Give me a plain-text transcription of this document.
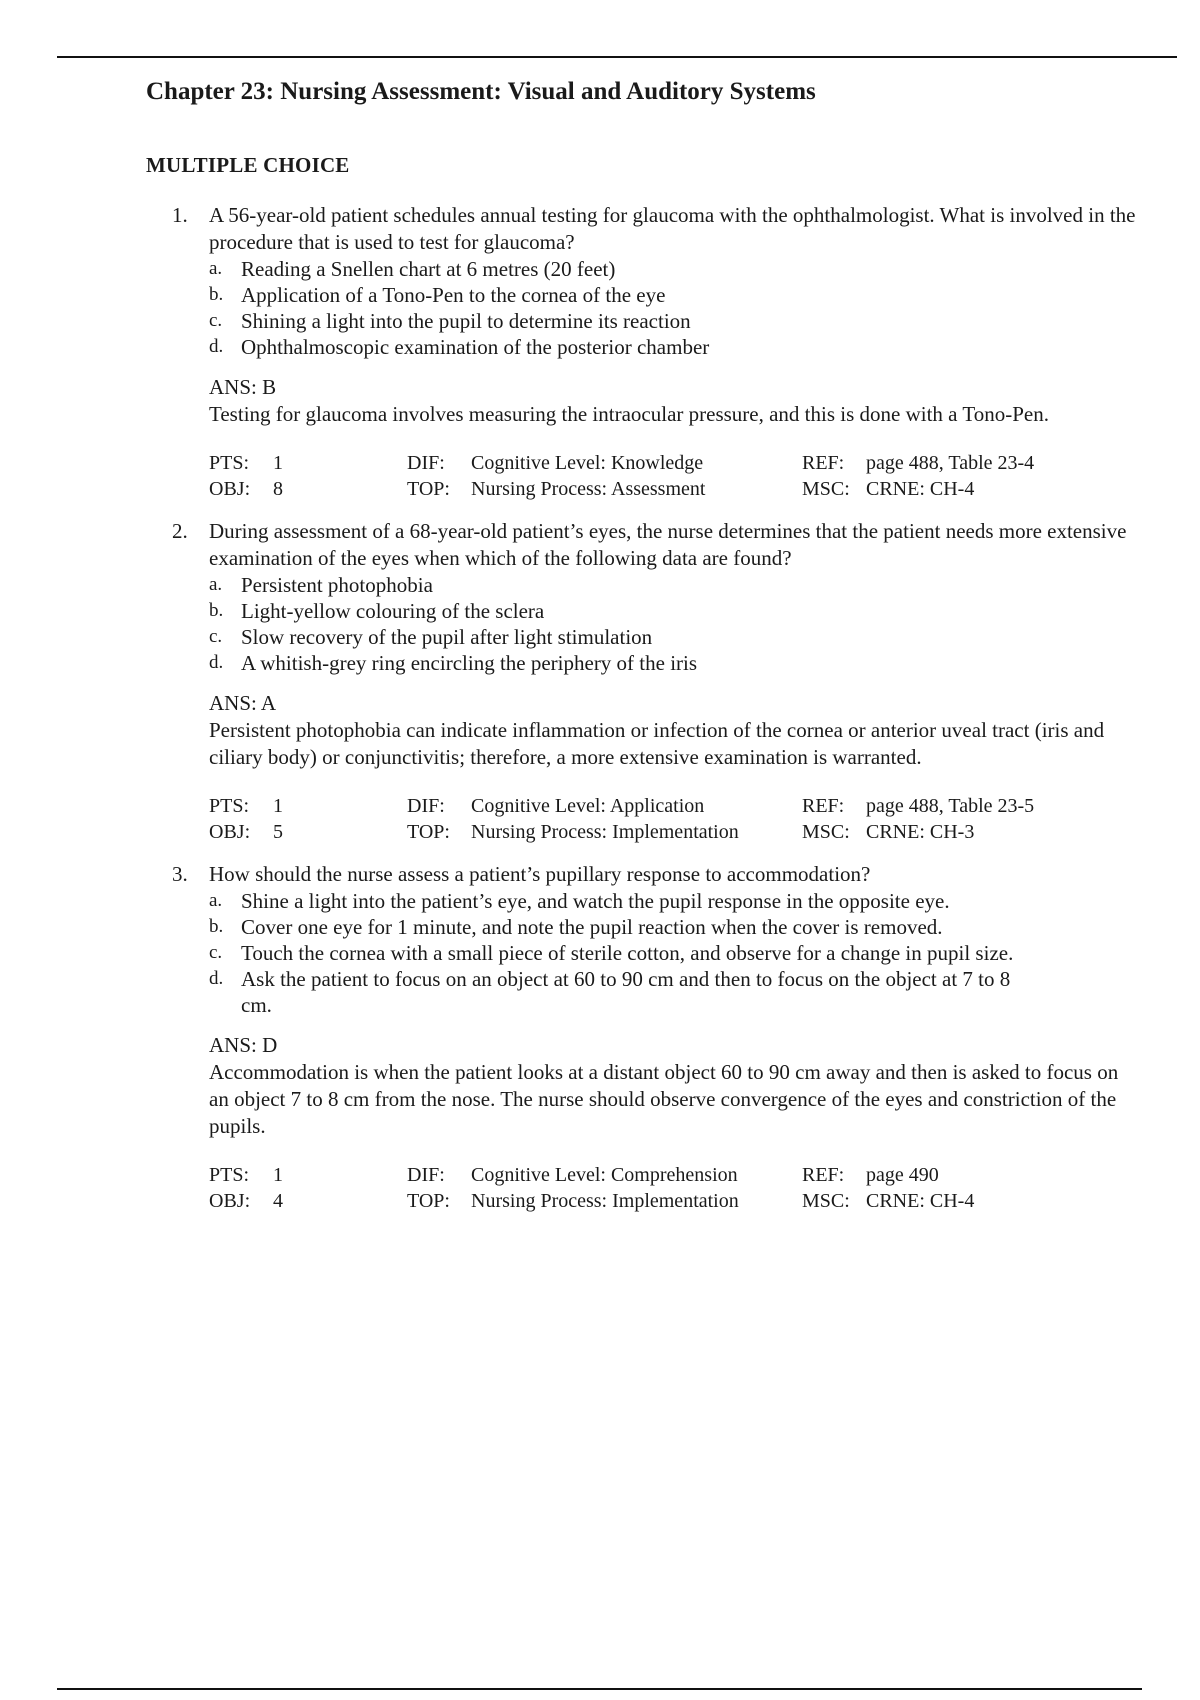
Chapter 23: Nursing Assessment: Visual and Auditory Systems
MULTIPLE CHOICE
1. A 56-year-old patient schedules annual testing for glaucoma with the ophthalmologist. What is involved in the procedure that is used to test for glaucoma?

a. Reading a Snellen chart at 6 metres (20 feet)
b. Application of a Tono-Pen to the cornea of the eye
c. Shining a light into the pupil to determine its reaction
d. Ophthalmoscopic examination of the posterior chamber

ANS: B

Testing for glaucoma involves measuring the intraocular pressure, and this is done with a Tono-Pen.

PTS: 1	DIF: Cognitive Level: Knowledge	REF: page 488, Table 23-4
OBJ: 8	TOP: Nursing Process: Assessment	MSC: CRNE: CH-4
2. During assessment of a 68-year-old patient’s eyes, the nurse determines that the patient needs more extensive examination of the eyes when which of the following data are found?

a. Persistent photophobia
b. Light-yellow colouring of the sclera
c. Slow recovery of the pupil after light stimulation
d. A whitish-grey ring encircling the periphery of the iris

ANS: A

Persistent photophobia can indicate inflammation or infection of the cornea or anterior uveal tract (iris and ciliary body) or conjunctivitis; therefore, a more extensive examination is warranted.

PTS: 1	DIF: Cognitive Level: Application	REF: page 488, Table 23-5
OBJ: 5	TOP: Nursing Process: Implementation	MSC: CRNE: CH-3
3. How should the nurse assess a patient’s pupillary response to accommodation?

a. Shine a light into the patient’s eye, and watch the pupil response in the opposite eye.
b. Cover one eye for 1 minute, and note the pupil reaction when the cover is removed.
c. Touch the cornea with a small piece of sterile cotton, and observe for a change in pupil size.
d. Ask the patient to focus on an object at 60 to 90 cm and then to focus on the object at 7 to 8 cm.

ANS: D

Accommodation is when the patient looks at a distant object 60 to 90 cm away and then is asked to focus on an object 7 to 8 cm from the nose. The nurse should observe convergence of the eyes and constriction of the pupils.

PTS: 1	DIF: Cognitive Level: Comprehension	REF: page 490
OBJ: 4	TOP: Nursing Process: Implementation	MSC: CRNE: CH-4
